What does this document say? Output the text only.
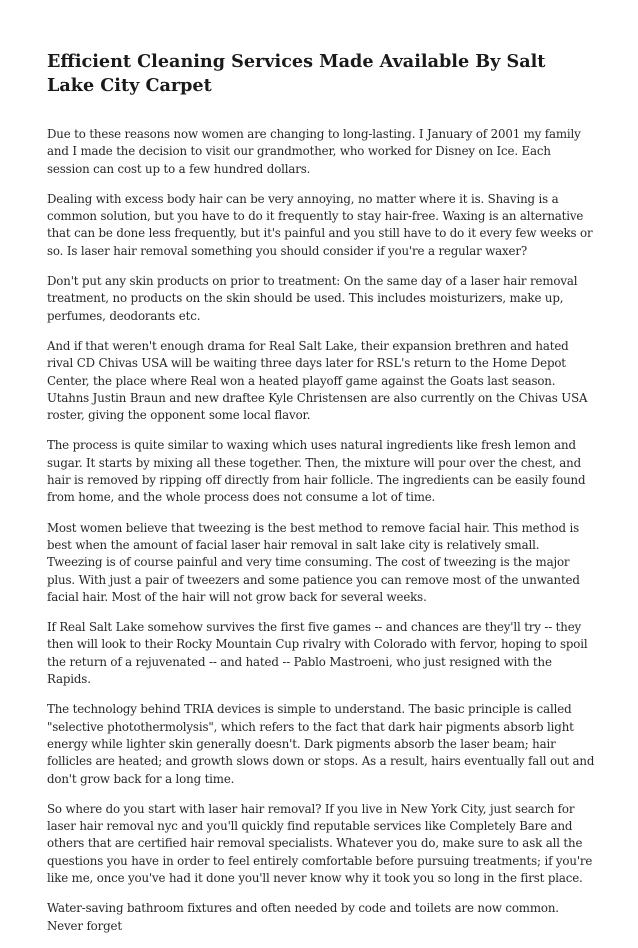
Efficient Cleaning Services Made Available By Salt Lake City Carpet

Due to these reasons now women are changing to long-lasting. I January of 2001 my family and I made the decision to visit our grandmother, who worked for Disney on Ice. Each session can cost up to a few hundred dollars.

Dealing with excess body hair can be very annoying, no matter where it is. Shaving is a common solution, but you have to do it frequently to stay hair-free. Waxing is an alternative that can be done less frequently, but it's painful and you still have to do it every few weeks or so. Is laser hair removal something you should consider if you're a regular waxer?

Don't put any skin products on prior to treatment: On the same day of a laser hair removal treatment, no products on the skin should be used. This includes moisturizers, make up, perfumes, deodorants etc.

And if that weren't enough drama for Real Salt Lake, their expansion brethren and hated rival CD Chivas USA will be waiting three days later for RSL's return to the Home Depot Center, the place where Real won a heated playoff game against the Goats last season. Utahns Justin Braun and new draftee Kyle Christensen are also currently on the Chivas USA roster, giving the opponent some local flavor.

The process is quite similar to waxing which uses natural ingredients like fresh lemon and sugar. It starts by mixing all these together. Then, the mixture will pour over the chest, and hair is removed by ripping off directly from hair follicle. The ingredients can be easily found from home, and the whole process does not consume a lot of time.

Most women believe that tweezing is the best method to remove facial hair. This method is best when the amount of facial laser hair removal in salt lake city is relatively small. Tweezing is of course painful and very time consuming. The cost of tweezing is the major plus. With just a pair of tweezers and some patience you can remove most of the unwanted facial hair. Most of the hair will not grow back for several weeks.

If Real Salt Lake somehow survives the first five games -- and chances are they'll try -- they then will look to their Rocky Mountain Cup rivalry with Colorado with fervor, hoping to spoil the return of a rejuvenated -- and hated -- Pablo Mastroeni, who just resigned with the Rapids.

The technology behind TRIA devices is simple to understand. The basic principle is called "selective photothermolysis", which refers to the fact that dark hair pigments absorb light energy while lighter skin generally doesn't. Dark pigments absorb the laser beam; hair follicles are heated; and growth slows down or stops. As a result, hairs eventually fall out and don't grow back for a long time.

So where do you start with laser hair removal? If you live in New York City, just search for laser hair removal nyc and you'll quickly find reputable services like Completely Bare and others that are certified hair removal specialists. Whatever you do, make sure to ask all the questions you have in order to feel entirely comfortable before pursuing treatments; if you're like me, once you've had it done you'll never know why it took you so long in the first place.

Water-saving bathroom fixtures and often needed by code and toilets are now common. Never forget
